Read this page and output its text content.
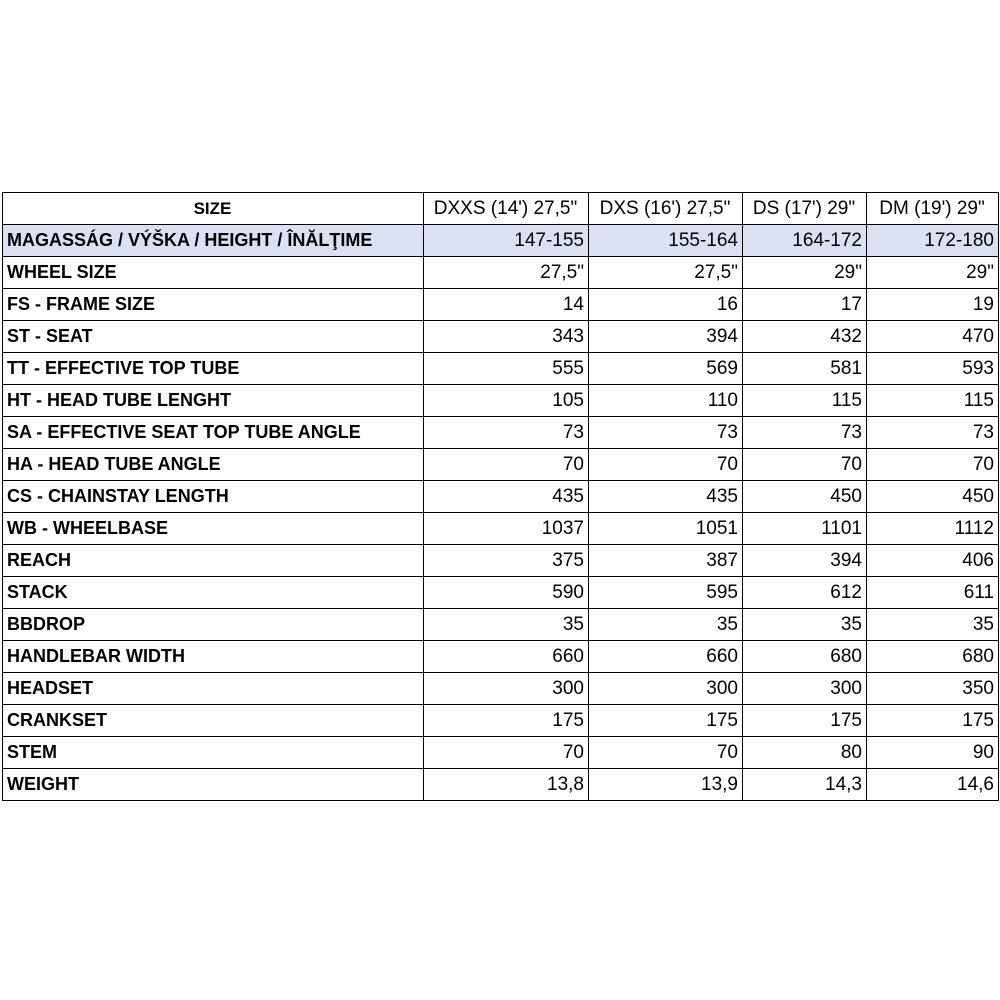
SIZE	DXXS (14') 27,5"	DXS (16') 27,5"	DS (17') 29"	DM (19') 29"
MAGASSÁG / VÝŠKA / HEIGHT / ÎNĂLŢIME	147-155	155-164	164-172	172-180
WHEEL SIZE	27,5"	27,5"	29"	29"
FS - FRAME SIZE	14	16	17	19
ST - SEAT	343	394	432	470
TT - EFFECTIVE TOP TUBE	555	569	581	593
HT - HEAD TUBE LENGHT	105	110	115	115
SA - EFFECTIVE SEAT TOP TUBE ANGLE	73	73	73	73
HA - HEAD TUBE ANGLE	70	70	70	70
CS - CHAINSTAY LENGTH	435	435	450	450
WB - WHEELBASE	1037	1051	1101	1112
REACH	375	387	394	406
STACK	590	595	612	611
BBDROP	35	35	35	35
HANDLEBAR WIDTH	660	660	680	680
HEADSET	300	300	300	350
CRANKSET	175	175	175	175
STEM	70	70	80	90
WEIGHT	13,8	13,9	14,3	14,6
